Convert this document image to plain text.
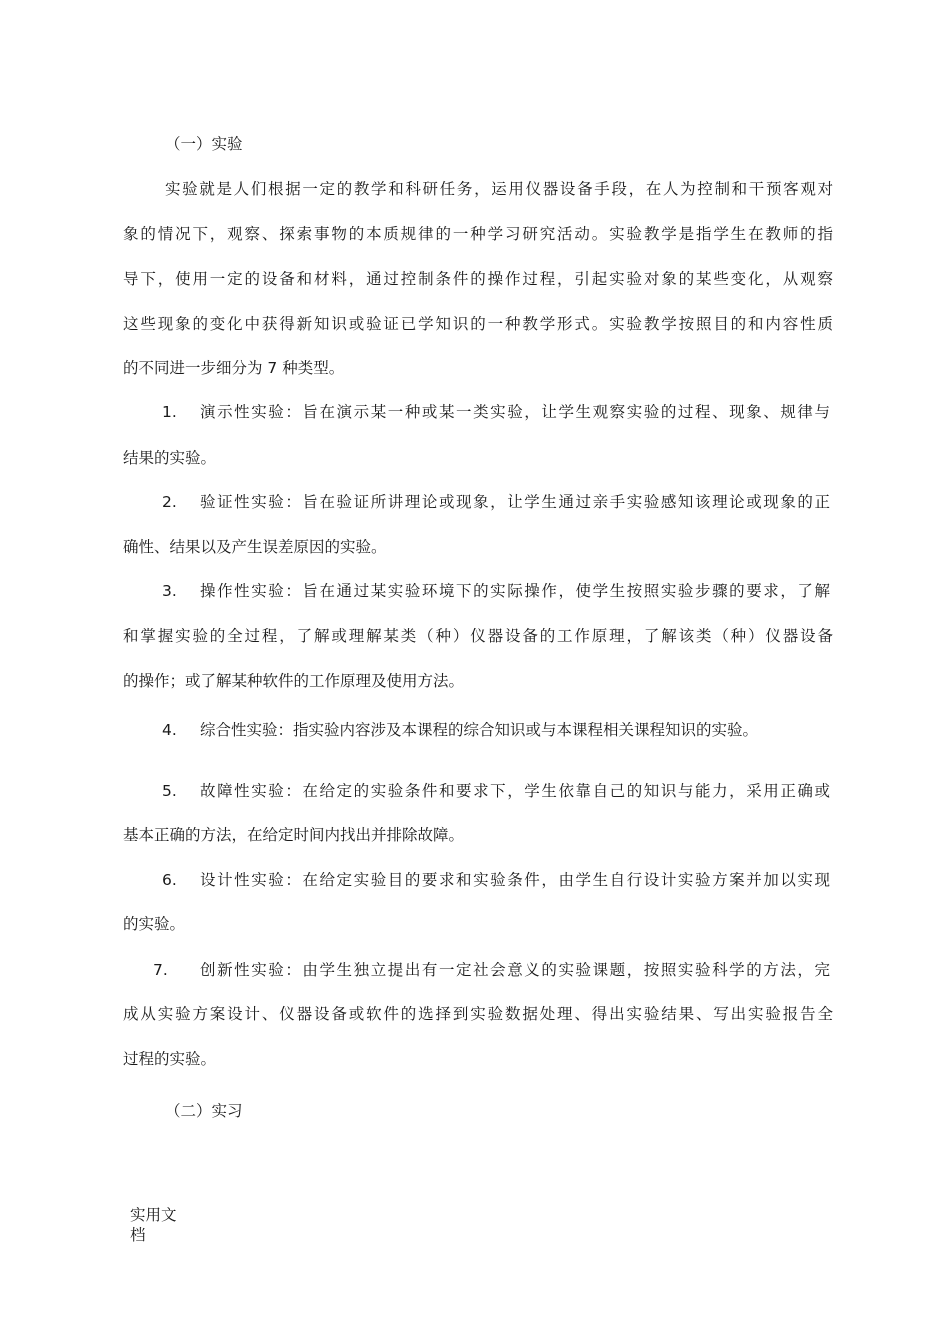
（一）实验
实验就是人们根据一定的教学和科研任务，运用仪器设备手段，在人为控制和干预客观对
象的情况下，观察、探索事物的本质规律的一种学习研究活动。实验教学是指学生在教师的指
导下，使用一定的设备和材料，通过控制条件的操作过程，引起实验对象的某些变化，从观察
这些现象的变化中获得新知识或验证已学知识的一种教学形式。实验教学按照目的和内容性质
的不同进一步细分为 7 种类型。
1. 演示性实验：旨在演示某一种或某一类实验，让学生观察实验的过程、现象、规律与
结果的实验。
2. 验证性实验：旨在验证所讲理论或现象，让学生通过亲手实验感知该理论或现象的正
确性、结果以及产生误差原因的实验。
3. 操作性实验：旨在通过某实验环境下的实际操作，使学生按照实验步骤的要求，了解
和掌握实验的全过程，了解或理解某类（种）仪器设备的工作原理，了解该类（种）仪器设备
的操作；或了解某种软件的工作原理及使用方法。
4. 综合性实验：指实验内容涉及本课程的综合知识或与本课程相关课程知识的实验。
5. 故障性实验：在给定的实验条件和要求下，学生依靠自己的知识与能力，采用正确或
基本正确的方法，在给定时间内找出并排除故障。
6. 设计性实验：在给定实验目的要求和实验条件，由学生自行设计实验方案并加以实现
的实验。
7. 创新性实验：由学生独立提出有一定社会意义的实验课题，按照实验科学的方法，完
成从实验方案设计、仪器设备或软件的选择到实验数据处理、得出实验结果、写出实验报告全
过程的实验。
（二）实习
实用文档
